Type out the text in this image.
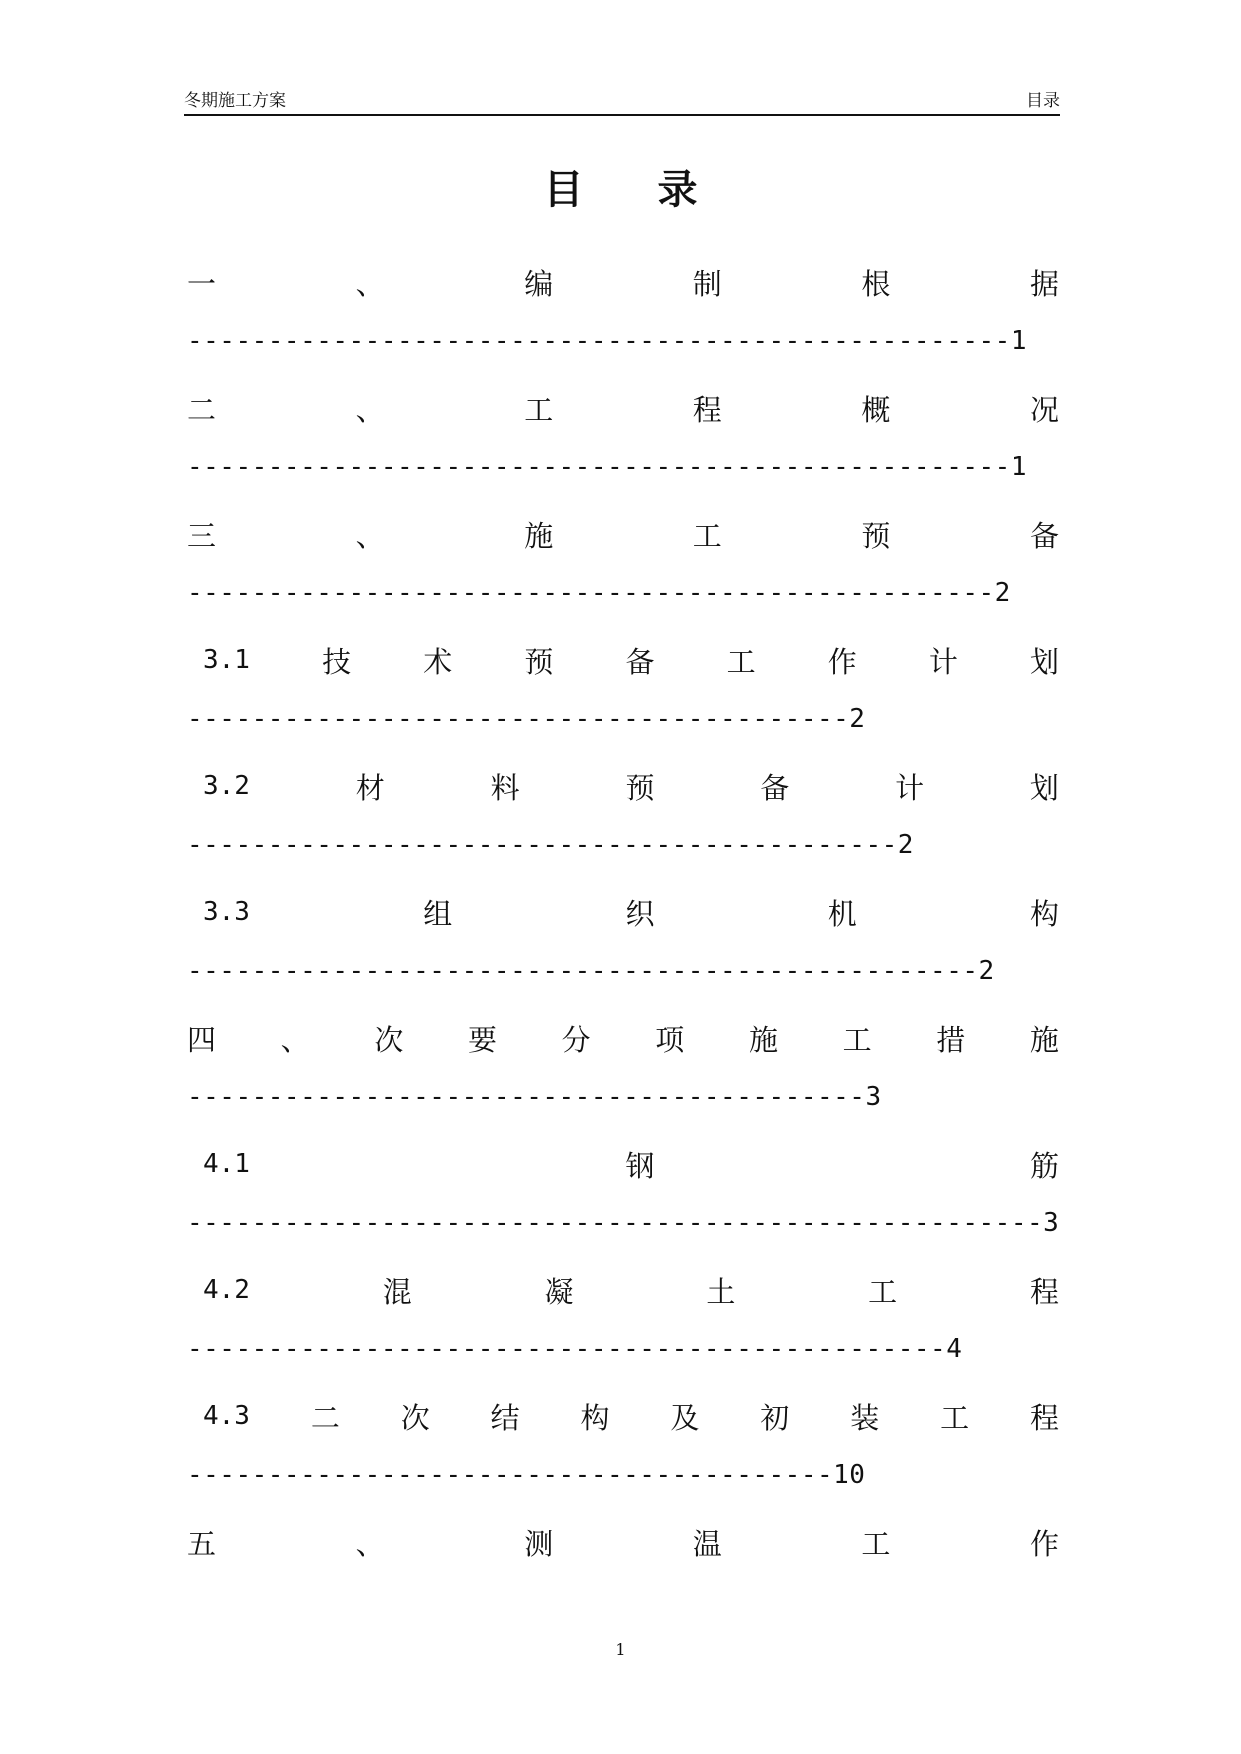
冬期施工方案	目录
目 录
一	、	编	制	根	据
---------------------------------------------------1
二	、	工	程	概	况
---------------------------------------------------1
三	、	施	工	预	备
--------------------------------------------------2
3.1 技 术 预 备 工 作 计 划
-----------------------------------------2
3.2	材	料	预	备	计	划
--------------------------------------------2
3.3	组	织	机	构
-------------------------------------------------2
四 、 次 要 分 项 施 工 措 施
------------------------------------------3
4.1	钢	筋
-----------------------------------------------------3
4.2	混	凝	土	工	程
-----------------------------------------------4
4.3 二 次 结 构 及 初 装 工 程
----------------------------------------10
五	、	测	温	工	作
1
